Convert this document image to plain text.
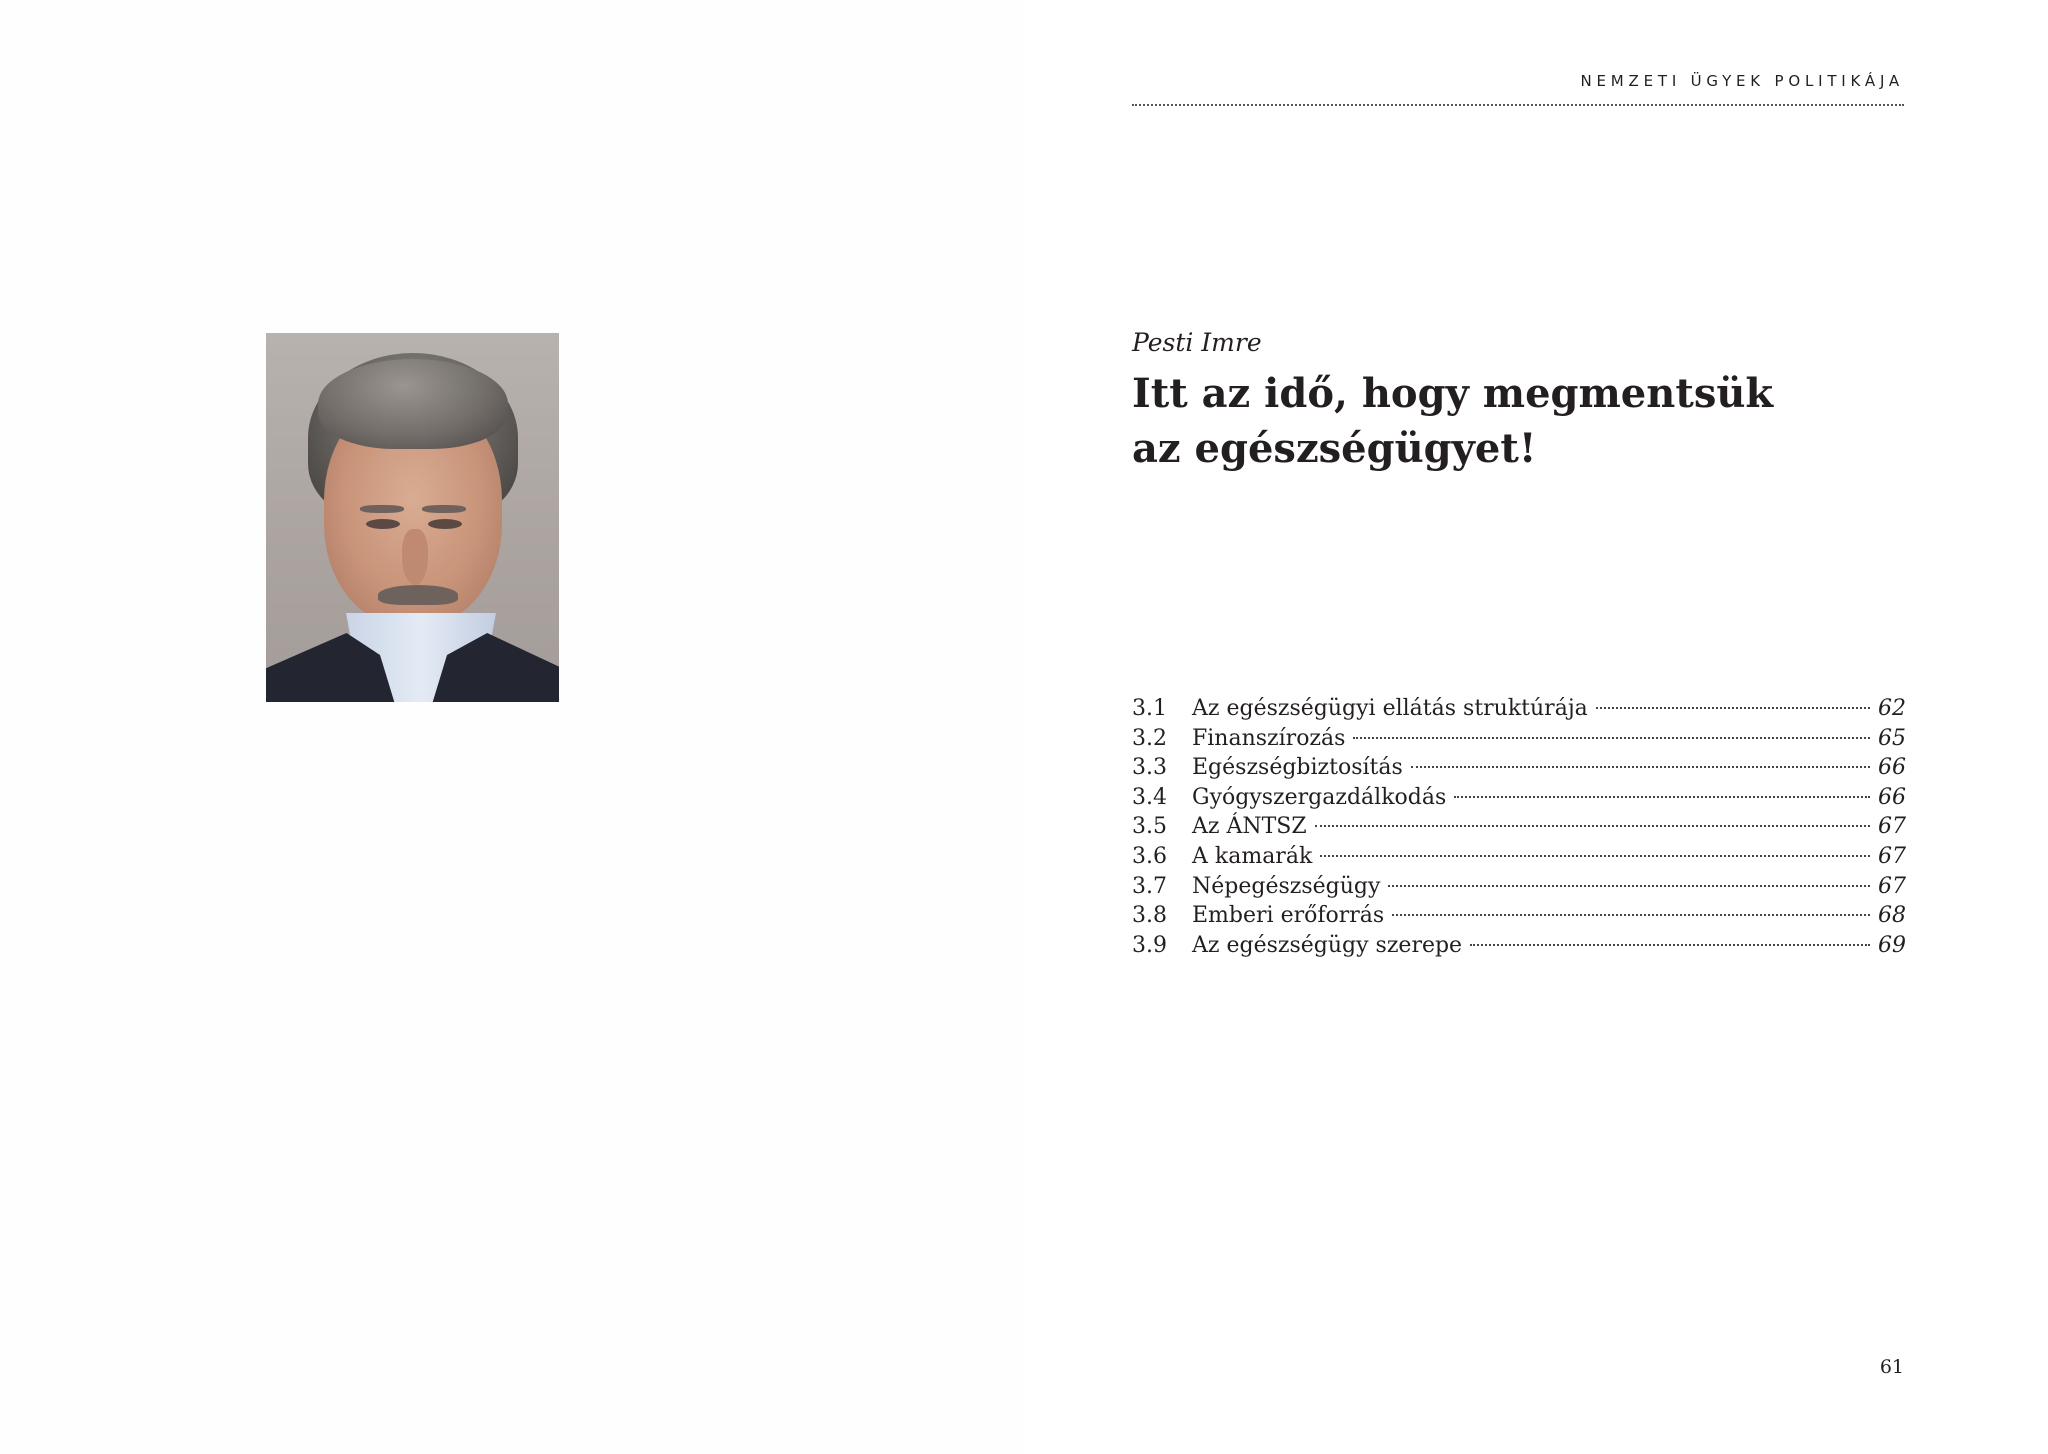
NEMZETI ÜGYEK POLITIKÁJA
Pesti Imre
Itt az idő, hogy megmentsük
az egészségügyet!
3.1	Az egészségügyi ellátás struktúrája	62
3.2	Finanszírozás	65
3.3	Egészségbiztosítás	66
3.4	Gyógyszergazdálkodás	66
3.5	Az ÁNTSZ	67
3.6	A kamarák	67
3.7	Népegészségügy	67
3.8	Emberi erőforrás	68
3.9	Az egészségügy szerepe	69
61
